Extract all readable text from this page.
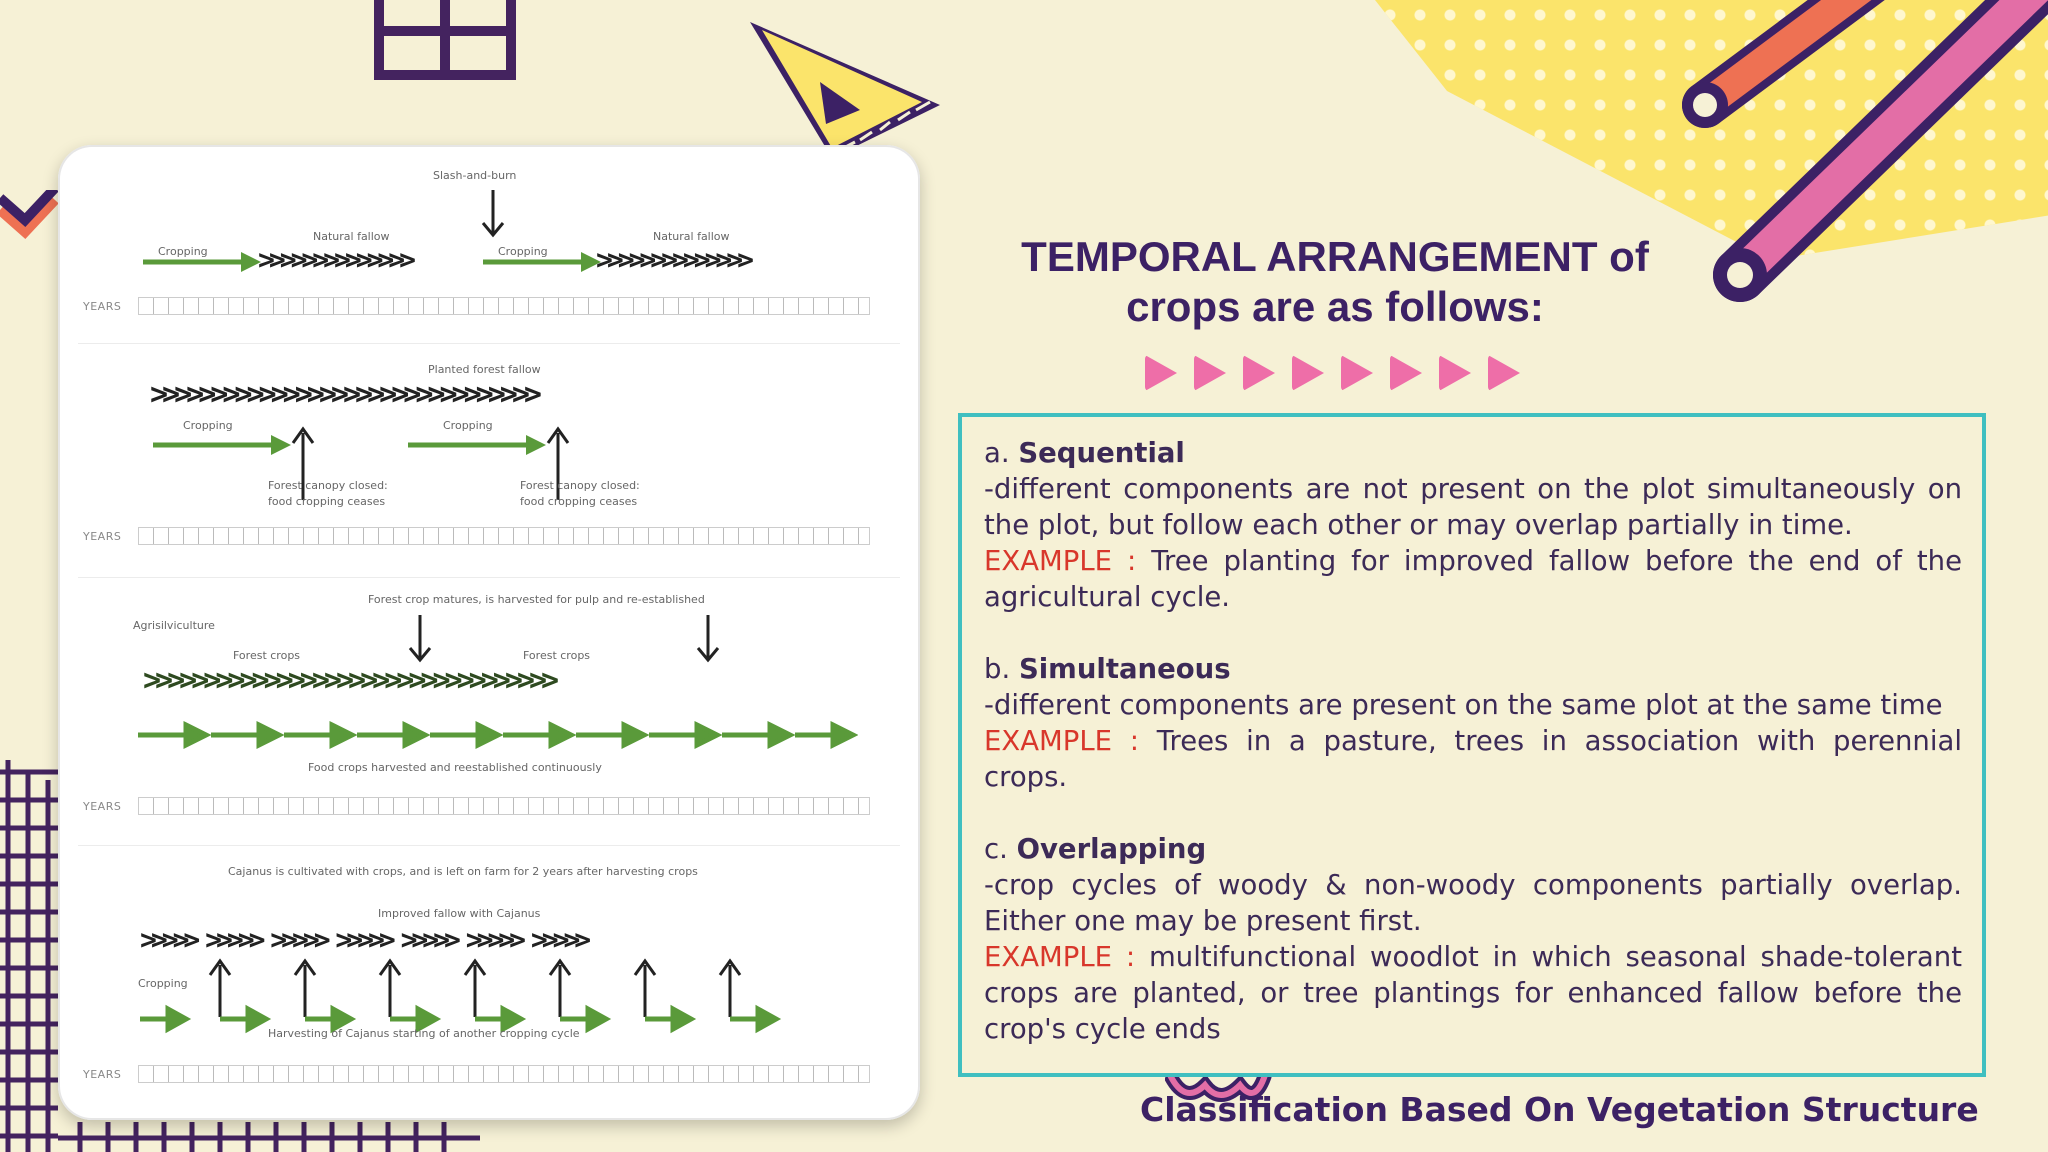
Slash-and-burn
Natural fallow	Natural fallow
Cropping	Cropping
>>>>>>>>>>>>>>	>>>>>>>>>>>>>>
YEARS
Planted forest fallow
>>>>>>>>>>>>>>>>>>>>>>>>>>>>>>>>
Cropping	Cropping
Forest canopy closed:
food cropping ceases
Forest canopy closed:
food cropping ceases
YEARS
Forest crop matures, is harvested for pulp and re-established
Agrisilviculture
Forest crops	Forest crops
>>>>>>>>>>>>>>>>>>>>>>>>>>>>>>>>>>
Food crops harvested and reestablished continuously
YEARS
Cajanus is cultivated with crops, and is left on farm for 2 years after harvesting crops
Improved fallow with Cajanus
>>>>> >>>>> >>>>> >>>>> >>>>> >>>>> >>>>>
Cropping
Harvesting of Cajanus starting of another cropping cycle
YEARS
TEMPORAL ARRANGEMENT of
crops are as follows:
a. Sequential

-different components are not present on the plot simultaneously on the plot, but follow each other or may overlap partially in time.

EXAMPLE : Tree planting for improved fallow before the end of the agricultural cycle.

b. Simultaneous

-different components are present on the same plot at the same time

EXAMPLE : Trees in a pasture, trees in association with perennial crops.

c. Overlapping

-crop cycles of woody & non-woody components partially overlap. Either one may be present first.

EXAMPLE : multifunctional woodlot in which seasonal shade-tolerant crops are planted, or tree plantings for enhanced fallow before the crop's cycle ends

Classification Based On Vegetation Structure
